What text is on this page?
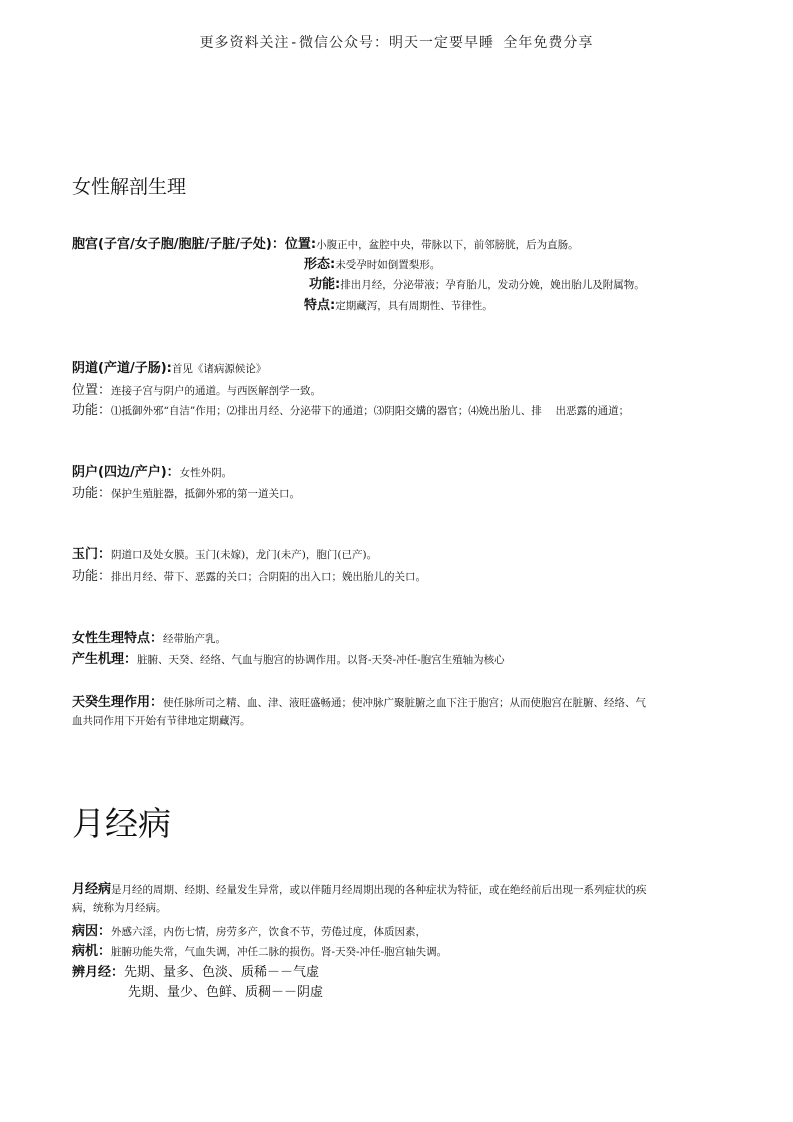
更多资料关注-微信公众号：明天一定要早睡 全年免费分享
女性解剖生理
胞宫(子宫/女子胞/胞脏/子脏/子处)：位置:小腹正中，盆腔中央，带脉以下，前邻膀胱，后为直肠。
形态:未受孕时如倒置梨形。
功能:排出月经，分泌带液；孕育胎儿，发动分娩，娩出胎儿及附属物。
特点:定期藏泻，具有周期性、节律性。
阴道(产道/子肠):首见《诸病源候论》
位置：连接子宫与阴户的通道。与西医解剖学一致。
功能：⑴抵御外邪“自洁”作用；⑵排出月经、分泌带下的通道；⑶阴阳交媾的器官；⑷娩出胎儿、排　 出恶露的通道；
阴户(四边/产户)：女性外阴。
功能：保护生殖脏器，抵御外邪的第一道关口。
玉门：阴道口及处女膜。玉门(未嫁)，龙门(未产)，胞门(已产)。
功能：排出月经、带下、恶露的关口；合阴阳的出入口；娩出胎儿的关口。
女性生理特点：经带胎产乳。
产生机理：脏腑、天癸、经络、气血与胞宫的协调作用。以肾-天癸-冲任-胞宫生殖轴为核心
天癸生理作用：使任脉所司之精、血、津、液旺盛畅通；使冲脉广聚脏腑之血下注于胞宫；从而使胞宫在脏腑、经络、气
血共同作用下开始有节律地定期藏泻。
月经病
月经病是月经的周期、经期、经量发生异常，或以伴随月经周期出现的各种症状为特征，或在绝经前后出现一系列症状的疾
病，统称为月经病。
病因：外感六淫，内伤七情，房劳多产，饮食不节，劳倦过度，体质因素，
病机：脏腑功能失常，气血失调，冲任二脉的损伤。肾-天癸-冲任-胞宫轴失调。
辨月经：先期、量多、色淡、质稀－－气虚
先期、量少、色鲜、质稠－－阴虚
